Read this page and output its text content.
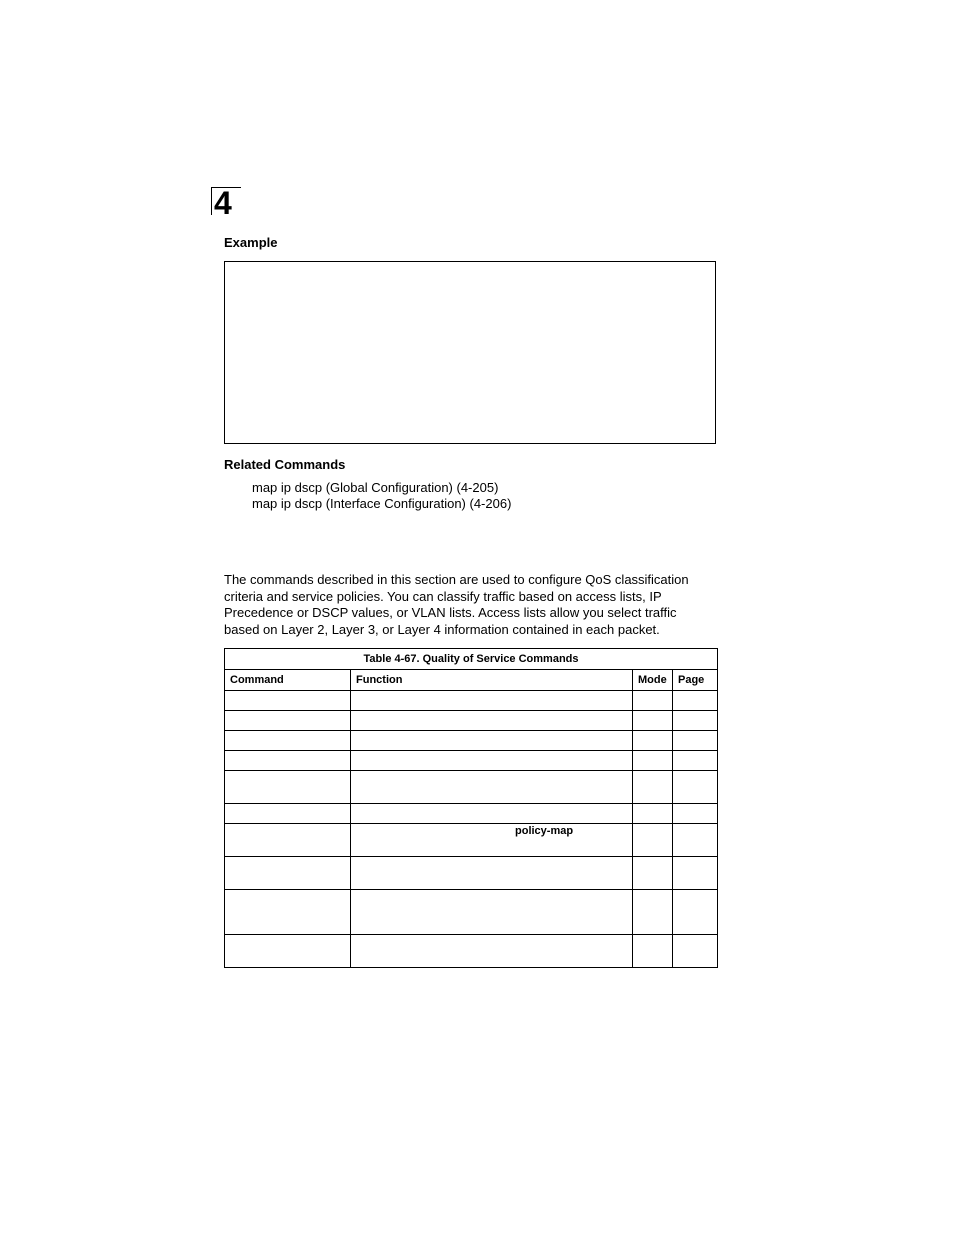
4
Example
Related Commands
map ip dscp (Global Configuration) (4-205)
map ip dscp (Interface Configuration) (4-206)

The commands described in this section are used to configure QoS classification criteria and service policies. You can classify traffic based on access lists, IP Precedence or DSCP values, or VLAN lists. Access lists allow you select traffic based on Layer 2, Layer 3, or Layer 4 information contained in each packet.

Table 4-67. Quality of Service Commands			
Command	Function	Mode	Page

	policy-map		
